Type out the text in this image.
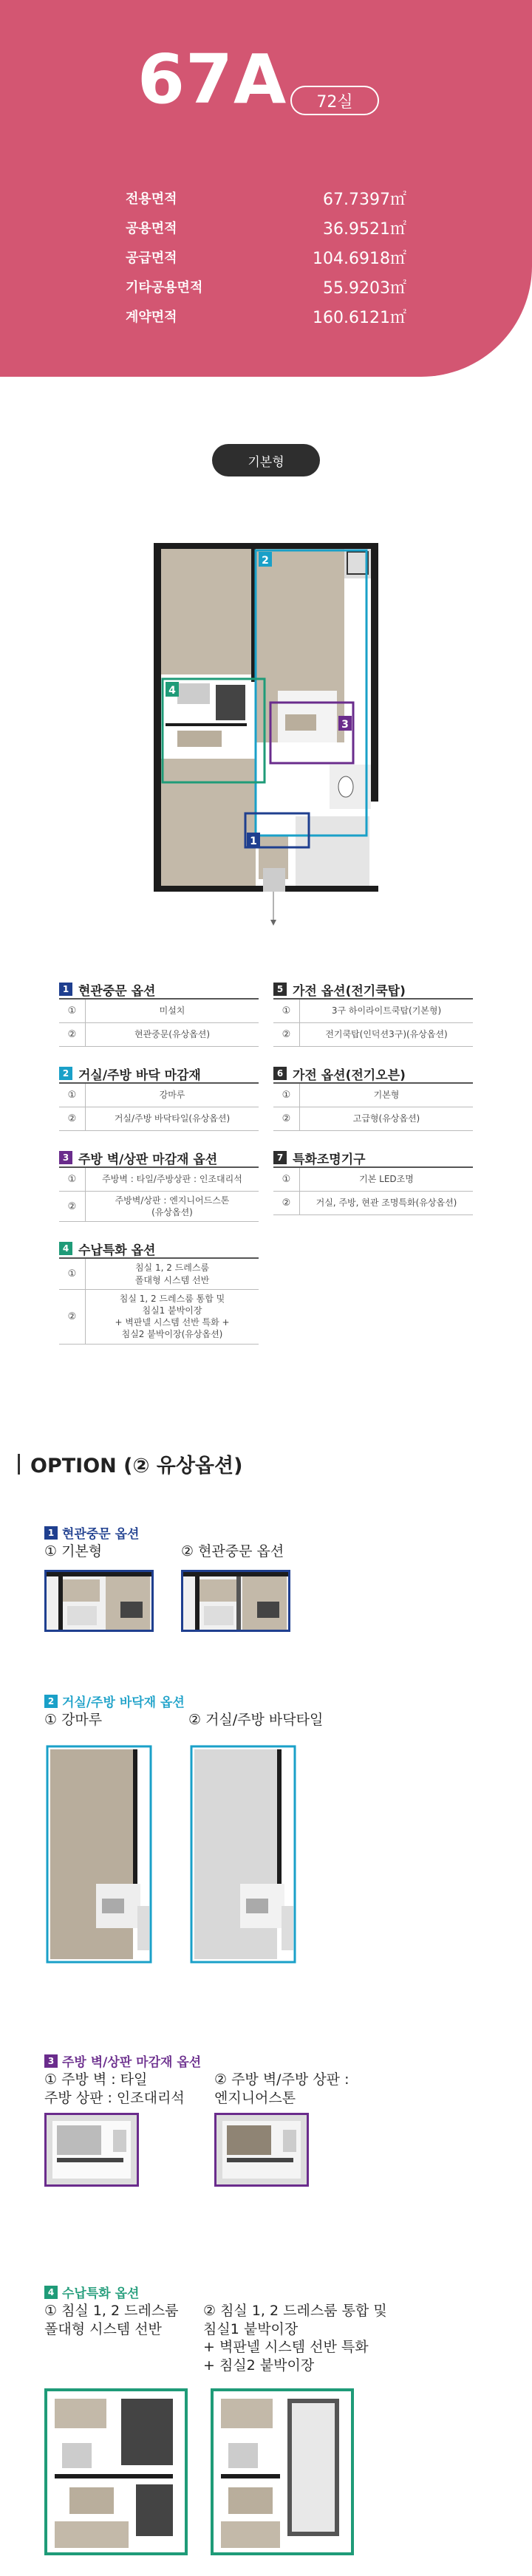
67A	72실
전용면적	67.7397㎡
공용면적	36.9521㎡
공급면적	104.6918㎡
기타공용면적	55.9203㎡
계약면적	160.6121㎡
기본형
2
4
3
1
1 현관중문 옵션
①	미설치
②	현관중문(유상옵션)
2 거실/주방 바닥 마감재
①	강마루
②	거실/주방 바닥타일(유상옵션)
3 주방 벽/상판 마감재 옵션
①	주방벽 : 타일/주방상판 : 인조대리석
②
주방벽/상판 : 엔지니어드스톤
(유상옵션)
4 수납특화 옵션
①
침실 1, 2 드레스룸
폴대형 시스템 선반
②
침실 1, 2 드레스룸 통합 및
침실1 붙박이장
+ 벽판넬 시스템 선반 특화 +
침실2 붙박이장(유상옵션)
5 가전 옵션(전기쿡탑)
①	3구 하이라이트쿡탑(기본형)
②	전기쿡탑(인덕션3구)(유상옵션)
6 가전 옵션(전기오븐)
①	기본형
②	고급형(유상옵션)
7 특화조명기구
①	기본 LED조명
②	거실, 주방, 현관 조명특화(유상옵션)
OPTION (② 유상옵션)
1 현관중문 옵션
① 기본형	② 현관중문 옵션
2 거실/주방 바닥재 옵션
① 강마루	② 거실/주방 바닥타일
3 주방 벽/상판 마감재 옵션
① 주방 벽 : 타일
주방 상판 : 인조대리석
② 주방 벽/주방 상판 :
엔지니어스톤
4 수납특화 옵션
① 침실 1, 2 드레스룸
폴대형 시스템 선반
② 침실 1, 2 드레스룸 통합 및
침실1 붙박이장
+ 벽판넬 시스템 선반 특화
+ 침실2 붙박이장
